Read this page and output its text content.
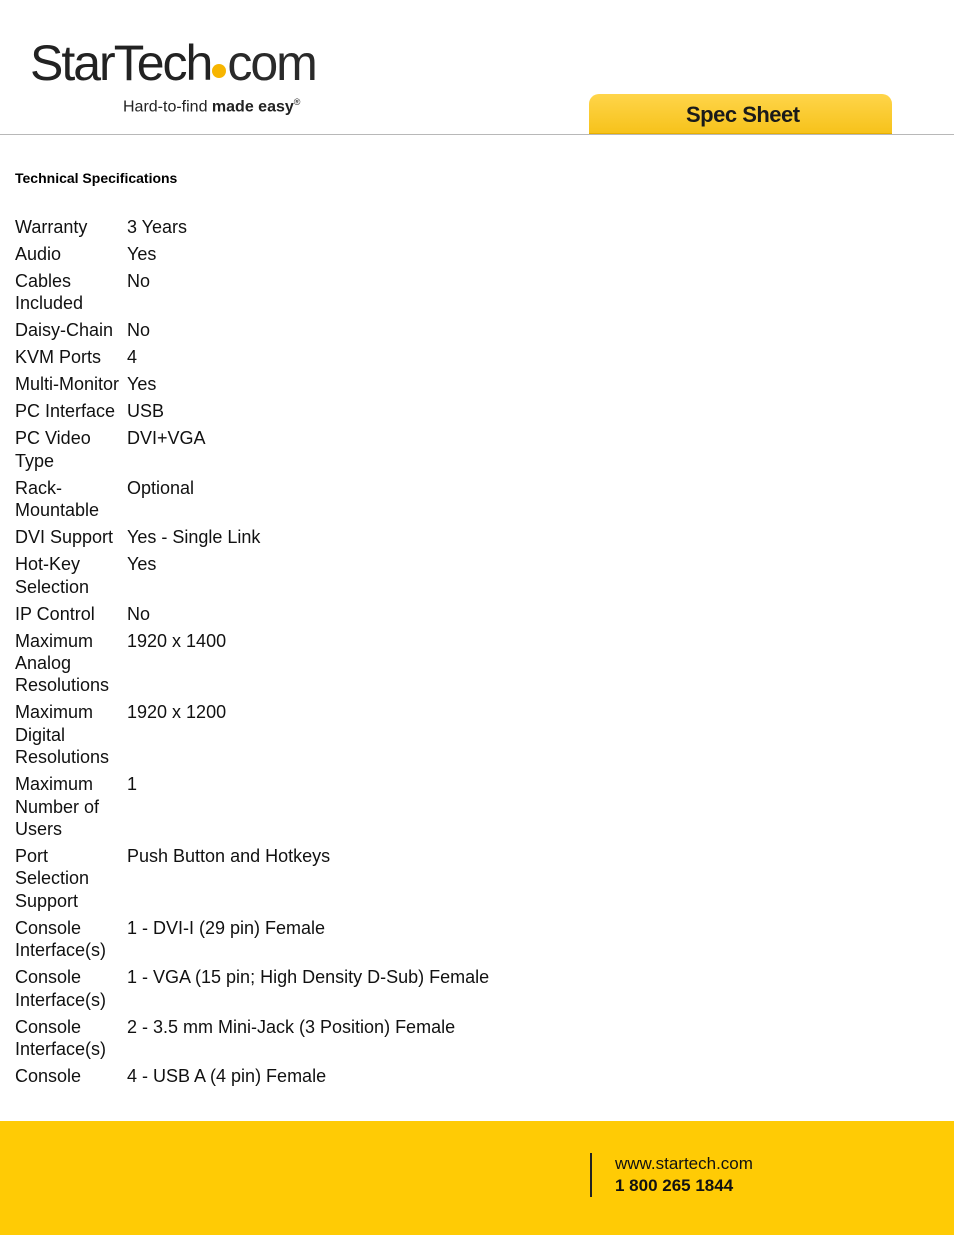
StarTech com
Hard-to-find made easy®	Spec Sheet
Technical Specifications
Warranty	3 Years
Audio	Yes
Cables Included	No
Daisy-Chain	No
KVM Ports	4
Multi-Monitor	Yes
PC Interface	USB
PC Video Type	DVI+VGA
Rack-Mountable	Optional
DVI Support	Yes - Single Link
Hot-Key Selection	Yes
IP Control	No
Maximum Analog Resolutions	1920 x 1400
Maximum Digital Resolutions	1920 x 1200
Maximum Number of Users	1
Port Selection Support	Push Button and Hotkeys
Console Interface(s)	1 - DVI-I (29 pin) Female
Console Interface(s)	1 - VGA (15 pin; High Density D-Sub) Female
Console Interface(s)	2 - 3.5 mm Mini-Jack (3 Position) Female
Console	4 - USB A (4 pin) Female
www.startech.com
1 800 265 1844
